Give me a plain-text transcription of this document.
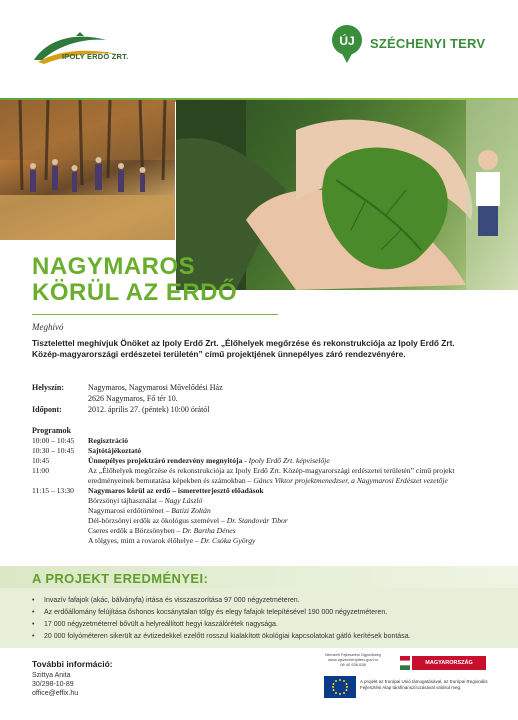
IPOLY ERDŐ ZRT.
ÚJ SZÉCHENYI TERV
NAGYMAROS
KÖRÜL AZ ERDŐ
Meghívó

Tisztelettel meghívjuk Önöket az Ipoly Erdő Zrt. „Élőhelyek megőrzése és rekonstrukciója az Ipoly Erdő Zrt. Közép-magyarországi erdészetei területén” című projektjének ünnepélyes záró rendezvényére.

Helyszín:	Nagymaros, Nagymarosi Művelődési Ház
2626 Nagymaros, Fő tér 10.
Időpont:	2012. április 27. (péntek) 10:00 órától
Programok
10:00 – 10:45 Regisztráció
10:30 – 10:45 Sajtótájékoztató
10:45	Ünnepélyes projektzáró rendezvény megnyitója - Ipoly Erdő Zrt. képviselője
11:00	Az „Élőhelyek megőrzése és rekonstrukciója az Ipoly Erdő Zrt. Közép-magyarországi erdészetei területén” című projekt eredményeinek bemutatása képekben és számokban – Gáncs Viktor projektmenedzser, a Nagymarosi Erdészet vezetője
11:15 – 13:30 Nagymaros körül az erdő – ismeretterjesztő előadások
Börzsönyi tájhasználat – Nagy László
Nagymarosi erdőtörténet – Batizi Zoltán
Dél-börzsönyi erdők az ökológus szemével – Dr. Standovár Tibor
Cseres erdők a Börzsönyben – Dr. Bartha Dénes
A tölgyes, mint a rovarok élőhelye – Dr. Csóka György
A PROJEKT EREDMÉNYEI:
• Invazív fafajok (akác, bálványfa) irtása és visszaszorítása 97 000 négyzetméteren.
• Az erdőállomány felújítása őshonos kocsánytalan tölgy és elegy fafajok telepítésével 190 000 négyzetméteren.
• 17 000 négyzetméterrel bővült a helyreállított hegyi kaszálórétek nagysága.
• 20 000 folyóméteren sikerült az évtizedekkel ezelőtt rosszul kialakított ökológiai kapcsolatokat gátló kerítések bontása.
További információ:
Szittya Anita
30/298-10-89
office@effix.hu
Nemzeti Fejlesztési Ügynökség
www.ujszechenyiterv.gov.hu
06 40 638 638	MAGYARORSZÁG MEGÚJUL
A projekt az Európai Unió támogatásával, az Európai Regionális Fejlesztési Alap társfinanszírozásával valósul meg.
